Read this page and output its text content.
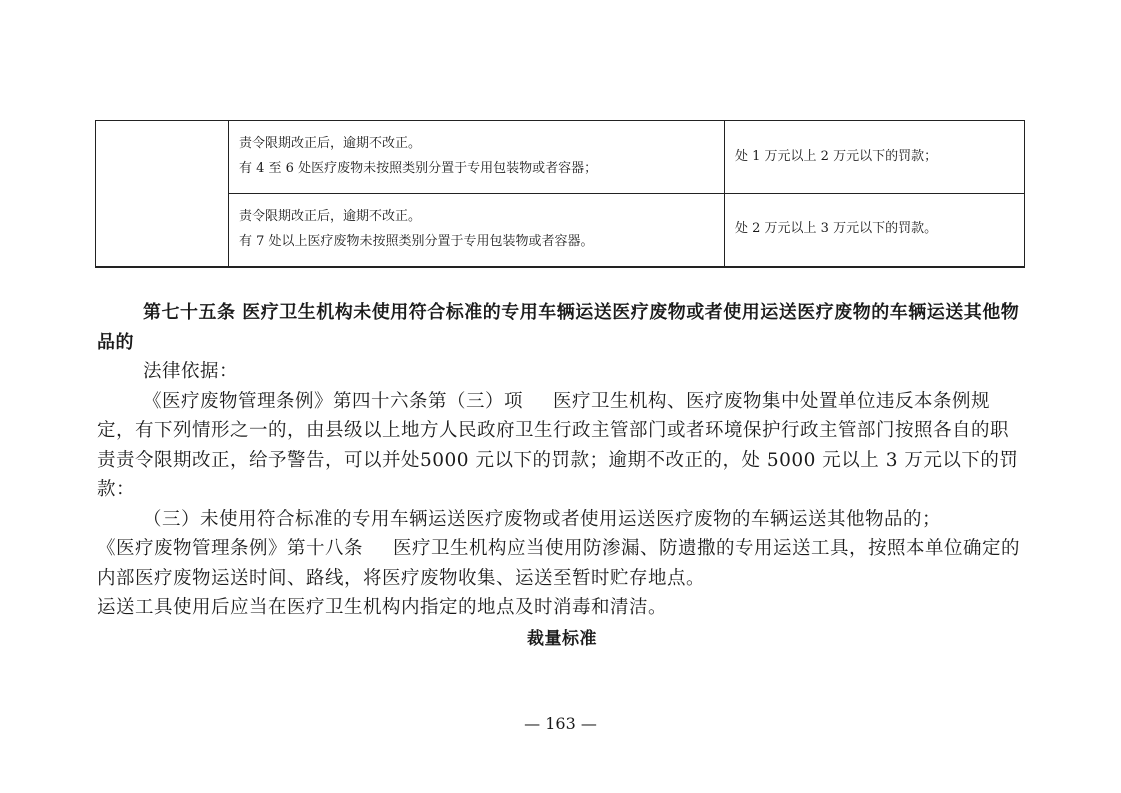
	责令限期改正后，逾期不改正。
有 4 至 6 处医疗废物未按照类别分置于专用包装物或者容器；	处 1 万元以上 2 万元以下的罚款；

	责令限期改正后，逾期不改正。
有 7 处以上医疗废物未按照类别分置于专用包装物或者容器。	处 2 万元以上 3 万元以下的罚款。

第七十五条 医疗卫生机构未使用符合标准的专用车辆运送医疗废物或者使用运送医疗废物的车辆运送其他物品的

法律依据：

《医疗废物管理条例》第四十六条第（三）项 医疗卫生机构、医疗废物集中处置单位违反本条例规定，有下列情形之一的，由县级以上地方人民政府卫生行政主管部门或者环境保护行政主管部门按照各自的职责责令限期改正，给予警告，可以并处5000 元以下的罚款；逾期不改正的，处 5000 元以上 3 万元以下的罚款：

（三）未使用符合标准的专用车辆运送医疗废物或者使用运送医疗废物的车辆运送其他物品的；

《医疗废物管理条例》第十八条 医疗卫生机构应当使用防渗漏、防遗撒的专用运送工具，按照本单位确定的内部医疗废物运送时间、路线，将医疗废物收集、运送至暂时贮存地点。

运送工具使用后应当在医疗卫生机构内指定的地点及时消毒和清洁。

裁量标准

— 163 —
